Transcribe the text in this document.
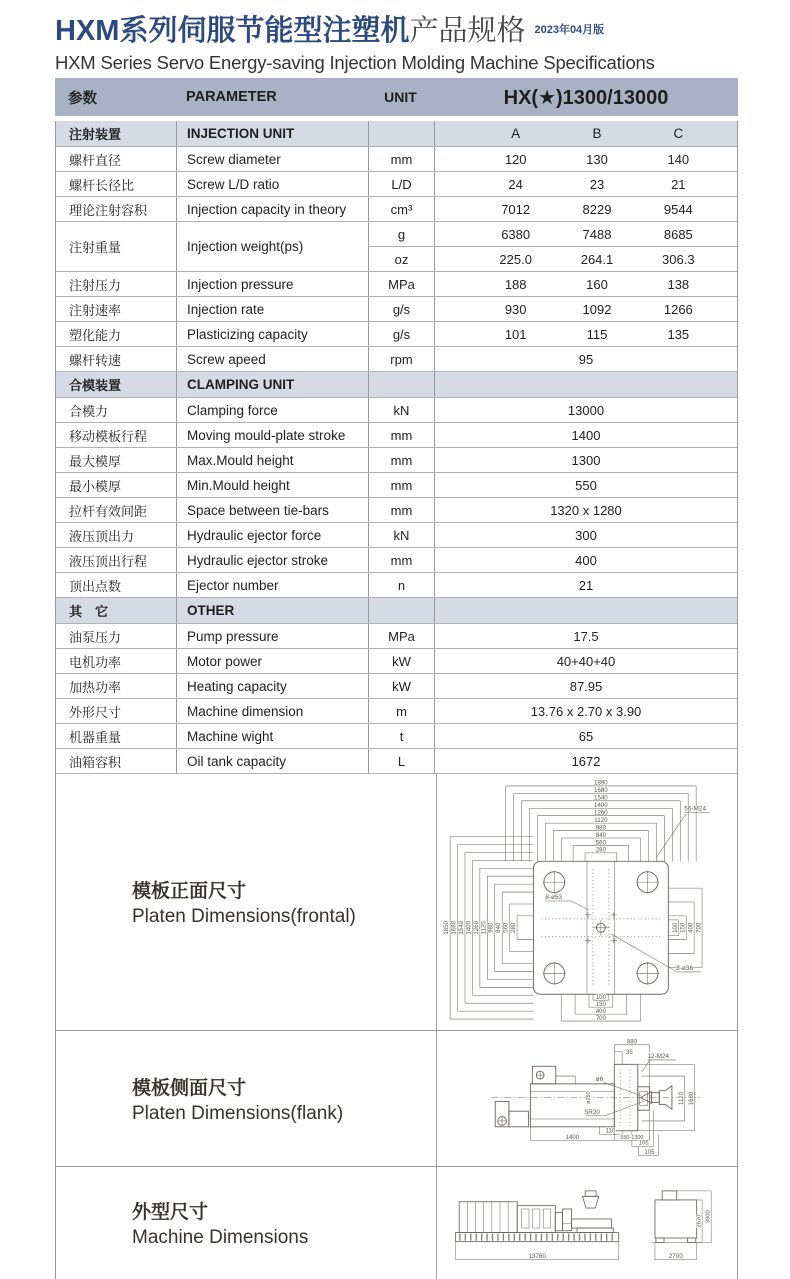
HXM系列伺服节能型注塑机产品规格 $^{2023年04月版}$
HXM Series Servo Energy-saving Injection Molding Machine Specifications
参数	PARAMETER	UNIT	HX(★)1300/13000
注射装置	INJECTION UNIT	A	B	C
螺杆直径	Screw diameter	mm	120	130	140
螺杆长径比	Screw L/D ratio	L/D	24	23	21
理论注射容积	Injection capacity in theory	cm³	7012	8229	9544
注射重量	Injection weight(ps)
g	6380	7488	8685
oz	225.0	264.1	306.3
注射压力	Injection pressure	MPa	188	160	138
注射速率	Injection rate	g/s	930	1092	1266
塑化能力	Plasticizing capacity	g/s	101	115	135
螺杆转速	Screw apeed	rpm	95
合模装置	CLAMPING UNIT
合模力	Clamping force	kN	13000
移动模板行程	Moving mould-plate stroke	mm	1400
最大模厚	Max.Mould height	mm	1300
最小模厚	Min.Mould height	mm	550
拉杆有效间距	Space between tie-bars	mm	1320 x 1280
液压顶出力	Hydraulic ejector force	kN	300
液压顶出行程	Hydraulic ejector stroke	mm	400
顶出点数	Ejector number	n	21
其　它	OTHER
油泵压力	Pump pressure	MPa	17.5
电机功率	Motor power	kW	40+40+40
加热功率	Heating capacity	kW	87.95
外形尺寸	Machine dimension	m	13.76 x 2.70 x 3.90
机器重量	Machine wight	t	65
油箱容积	Oil tank capacity	L	1672
模板正面尺寸
Platen Dimensions(frontal)
1890
1680
1540
1400
1260
1120
980
840
560
280
1850 1680 1540 1400 1260 1120 980 840 560 280
100
150
400
700
100 150 400 700
56-M24
8-ø53
8-ø36
模板侧面尺寸
Platen Dimensions(flank)
880
35
12-M24
ø6
ø250
SR20
1120 1680
1400	550-1300
110
105
105
外型尺寸
Machine Dimensions
13760	2700
2670 3900
